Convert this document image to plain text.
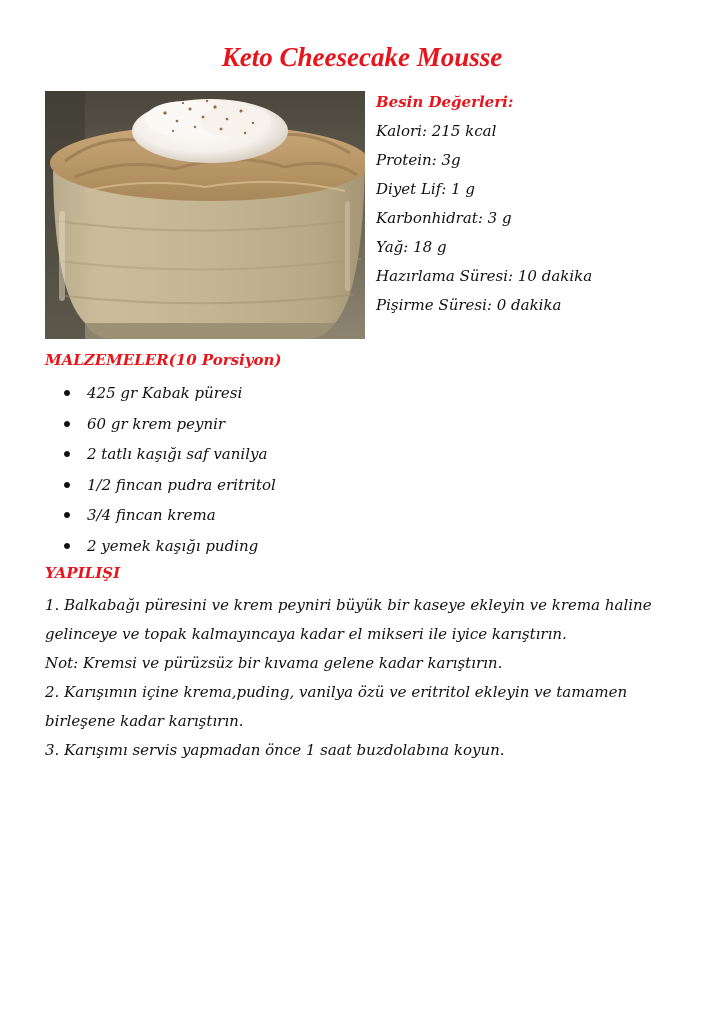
Keto Cheesecake Mousse
Besin Değerleri:
Kalori: 215 kcal
Protein: 3g
Diyet Lif: 1 g
Karbonhidrat: 3 g
Yağ: 18 g
Hazırlama Süresi: 10 dakika
Pişirme Süresi: 0 dakika
MALZEMELER(10 Porsiyon)
425 gr Kabak püresi
60 gr krem peynir
2 tatlı kaşığı saf vanilya
1/2 fincan pudra eritritol
3/4 fincan krema
2 yemek kaşığı puding
YAPILIŞI

1. Balkabağı püresini ve krem peyniri büyük bir kaseye ekleyin ve krema haline gelinceye ve topak kalmayıncaya kadar el mikseri ile iyice karıştırın.

Not: Kremsi ve pürüzsüz bir kıvama gelene kadar karıştırın.

2. Karışımın içine krema,puding, vanilya özü ve eritritol ekleyin ve tamamen birleşene kadar karıştırın.

3. Karışımı servis yapmadan önce 1 saat buzdolabına koyun.
